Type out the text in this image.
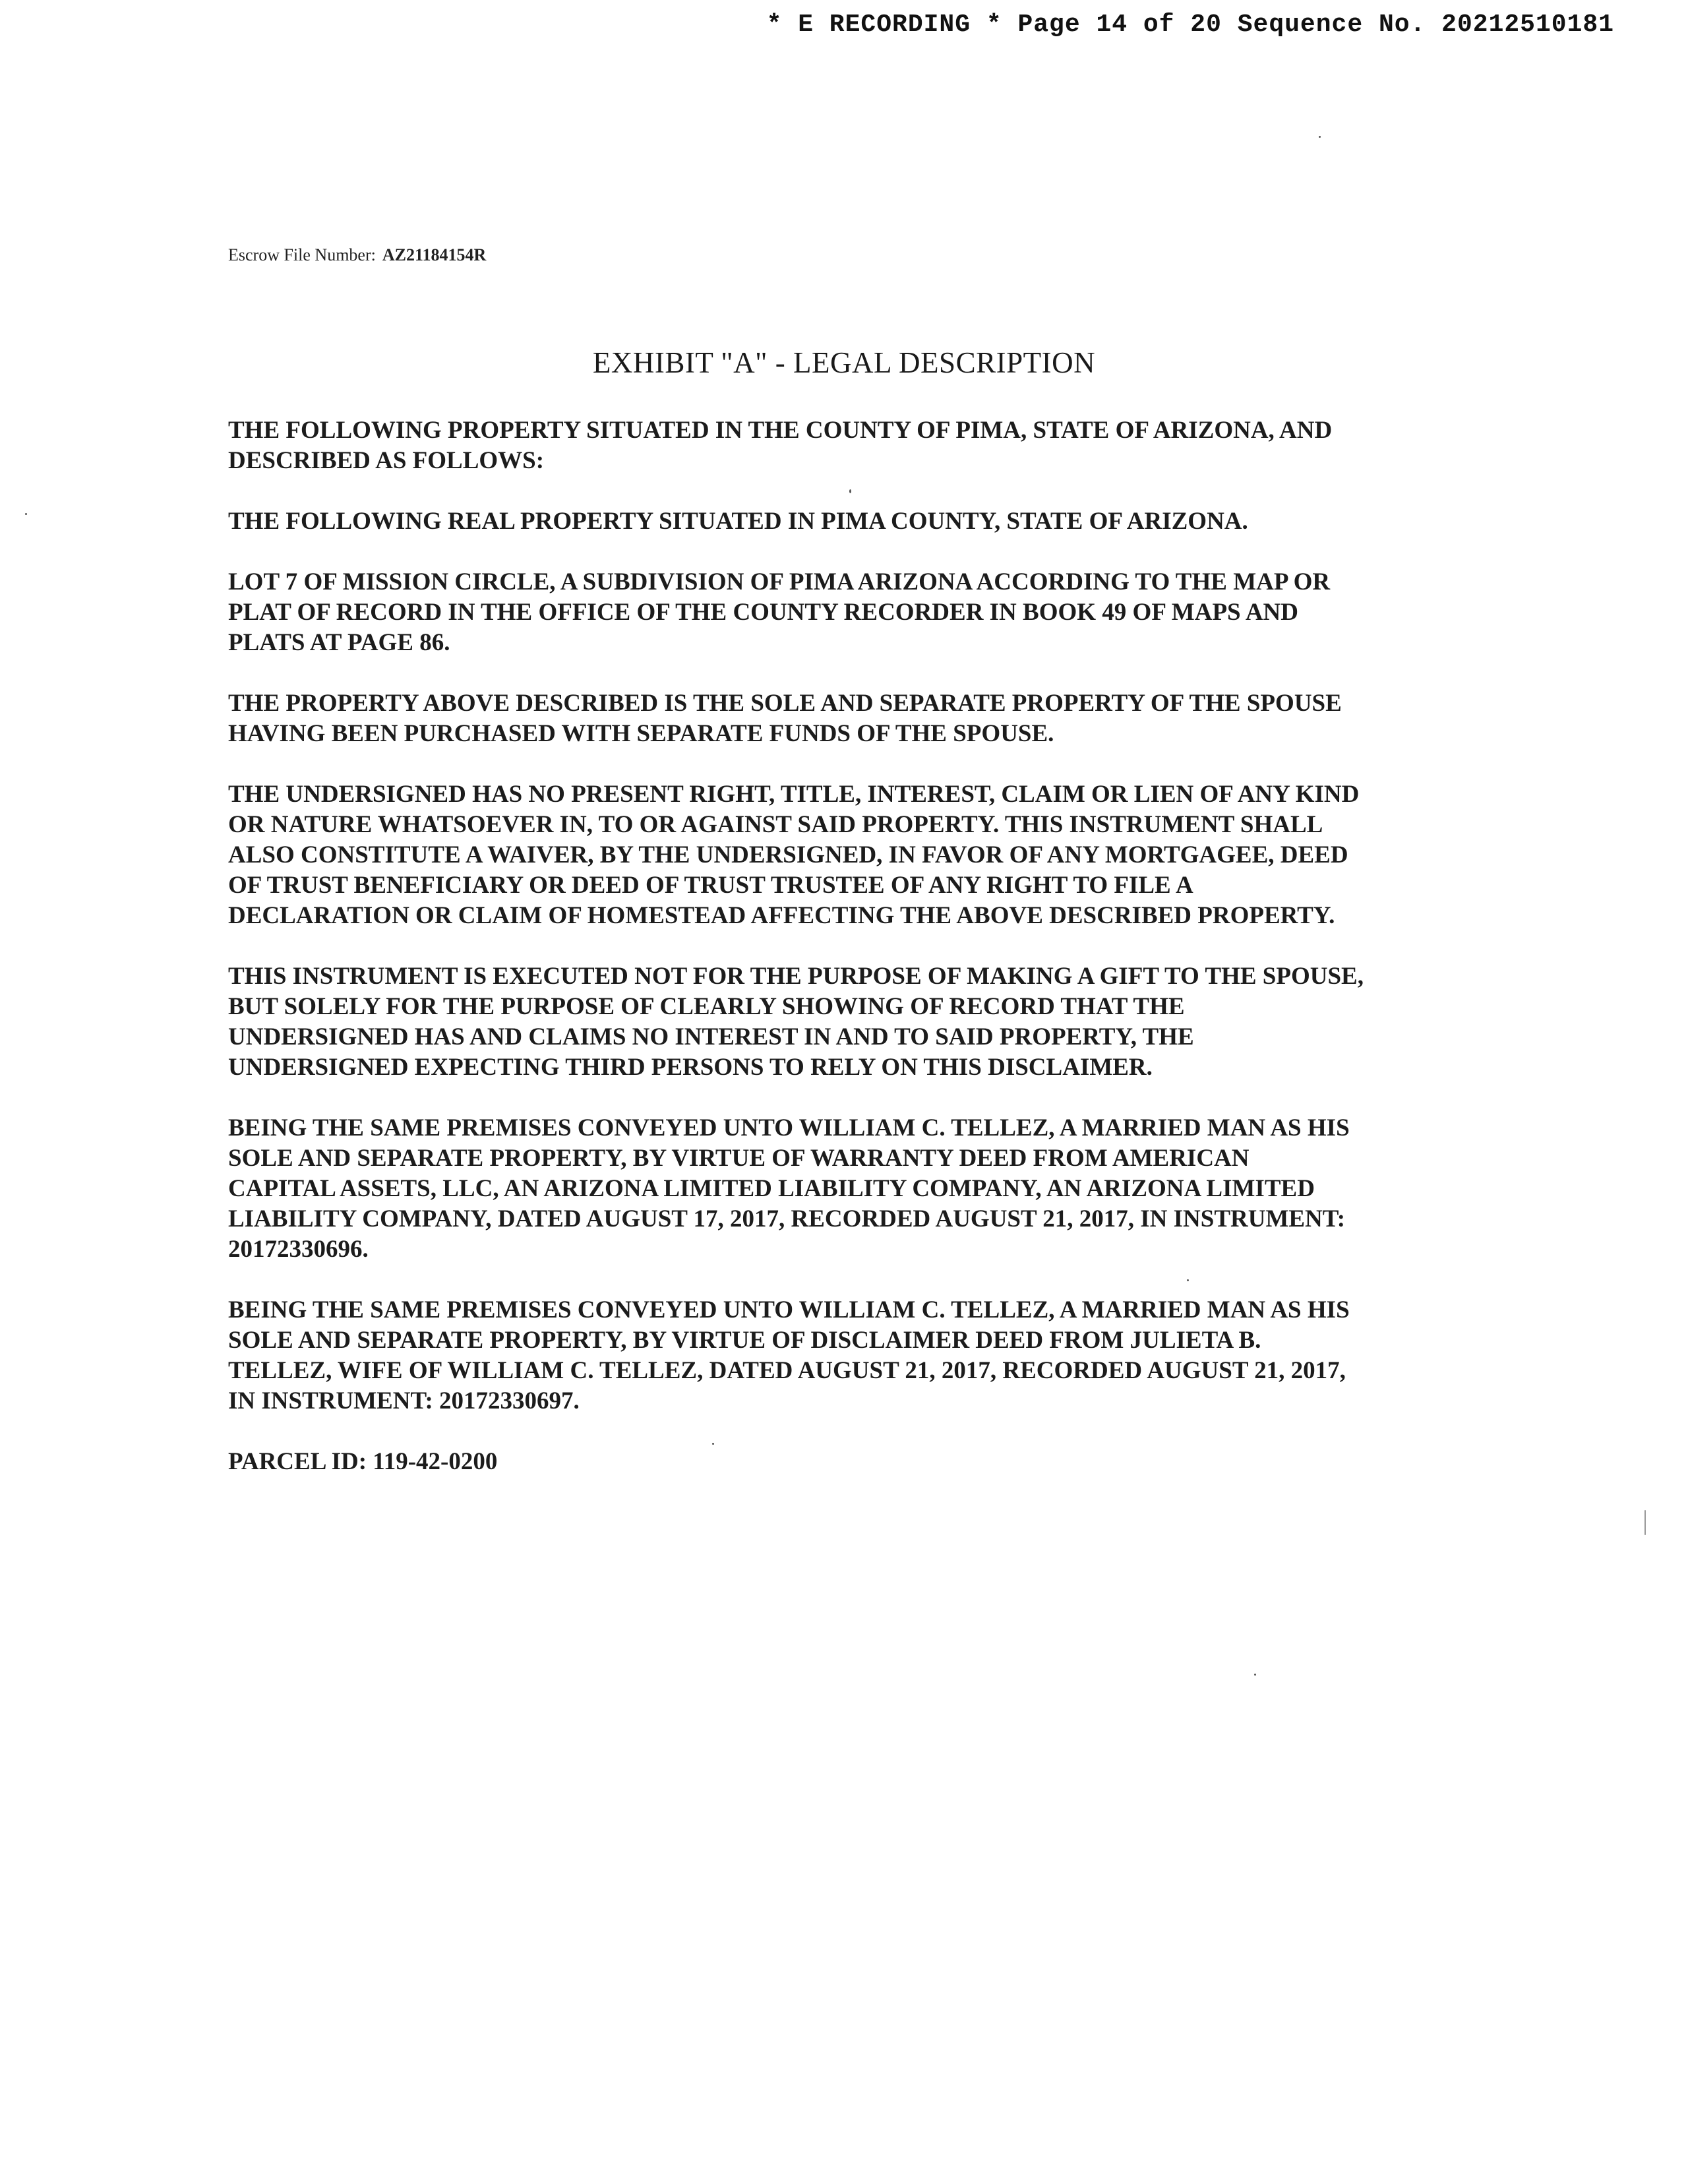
* E RECORDING * Page 14 of 20 Sequence No. 20212510181
Escrow File Number: AZ21184154R
EXHIBIT "A" - LEGAL DESCRIPTION

THE FOLLOWING PROPERTY SITUATED IN THE COUNTY OF PIMA, STATE OF ARIZONA, AND
DESCRIBED AS FOLLOWS:

THE FOLLOWING REAL PROPERTY SITUATED IN PIMA COUNTY, STATE OF ARIZONA.

LOT 7 OF MISSION CIRCLE, A SUBDIVISION OF PIMA ARIZONA ACCORDING TO THE MAP OR
PLAT OF RECORD IN THE OFFICE OF THE COUNTY RECORDER IN BOOK 49 OF MAPS AND
PLATS AT PAGE 86.

THE PROPERTY ABOVE DESCRIBED IS THE SOLE AND SEPARATE PROPERTY OF THE SPOUSE
HAVING BEEN PURCHASED WITH SEPARATE FUNDS OF THE SPOUSE.

THE UNDERSIGNED HAS NO PRESENT RIGHT, TITLE, INTEREST, CLAIM OR LIEN OF ANY KIND
OR NATURE WHATSOEVER IN, TO OR AGAINST SAID PROPERTY. THIS INSTRUMENT SHALL
ALSO CONSTITUTE A WAIVER, BY THE UNDERSIGNED, IN FAVOR OF ANY MORTGAGEE, DEED
OF TRUST BENEFICIARY OR DEED OF TRUST TRUSTEE OF ANY RIGHT TO FILE A
DECLARATION OR CLAIM OF HOMESTEAD AFFECTING THE ABOVE DESCRIBED PROPERTY.

THIS INSTRUMENT IS EXECUTED NOT FOR THE PURPOSE OF MAKING A GIFT TO THE SPOUSE,
BUT SOLELY FOR THE PURPOSE OF CLEARLY SHOWING OF RECORD THAT THE
UNDERSIGNED HAS AND CLAIMS NO INTEREST IN AND TO SAID PROPERTY, THE
UNDERSIGNED EXPECTING THIRD PERSONS TO RELY ON THIS DISCLAIMER.

BEING THE SAME PREMISES CONVEYED UNTO WILLIAM C. TELLEZ, A MARRIED MAN AS HIS
SOLE AND SEPARATE PROPERTY, BY VIRTUE OF WARRANTY DEED FROM AMERICAN
CAPITAL ASSETS, LLC, AN ARIZONA LIMITED LIABILITY COMPANY, AN ARIZONA LIMITED
LIABILITY COMPANY, DATED AUGUST 17, 2017, RECORDED AUGUST 21, 2017, IN INSTRUMENT:
20172330696.

BEING THE SAME PREMISES CONVEYED UNTO WILLIAM C. TELLEZ, A MARRIED MAN AS HIS
SOLE AND SEPARATE PROPERTY, BY VIRTUE OF DISCLAIMER DEED FROM JULIETA B.
TELLEZ, WIFE OF WILLIAM C. TELLEZ, DATED AUGUST 21, 2017, RECORDED AUGUST 21, 2017,
IN INSTRUMENT: 20172330697.

PARCEL ID: 119-42-0200
